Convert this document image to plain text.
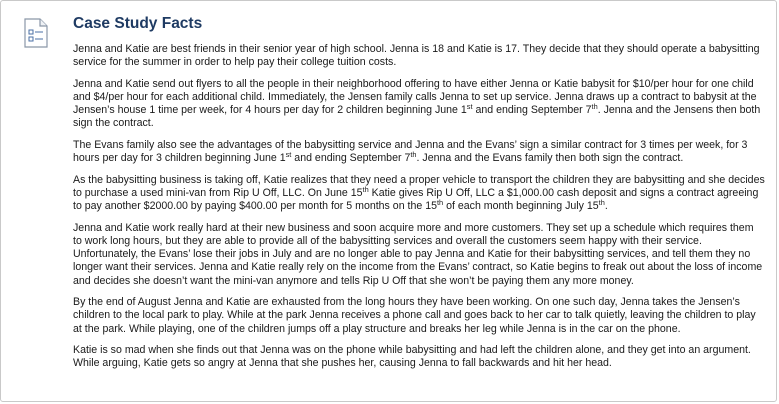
Case Study Facts

Jenna and Katie are best friends in their senior year of high school. Jenna is 18 and Katie is 17. They decide that they should operate a babysitting service for the summer in order to help pay their college tuition costs.

Jenna and Katie send out flyers to all the people in their neighborhood offering to have either Jenna or Katie babysit for $10/per hour for one child and $4/per hour for each additional child. Immediately, the Jensen family calls Jenna to set up service. Jenna draws up a contract to babysit at the Jensen’s house 1 time per week, for 4 hours per day for 2 children beginning June 1st and ending September 7th. Jenna and the Jensens then both sign the contract.

The Evans family also see the advantages of the babysitting service and Jenna and the Evans’ sign a similar contract for 3 times per week, for 3 hours per day for 3 children beginning June 1st and ending September 7th. Jenna and the Evans family then both sign the contract.

As the babysitting business is taking off, Katie realizes that they need a proper vehicle to transport the children they are babysitting and she decides to purchase a used mini-van from Rip U Off, LLC. On June 15th Katie gives Rip U Off, LLC a $1,000.00 cash deposit and signs a contract agreeing to pay another $2000.00 by paying $400.00 per month for 5 months on the 15th of each month beginning July 15th.

Jenna and Katie work really hard at their new business and soon acquire more and more customers. They set up a schedule which requires them to work long hours, but they are able to provide all of the babysitting services and overall the customers seem happy with their service. Unfortunately, the Evans’ lose their jobs in July and are no longer able to pay Jenna and Katie for their babysitting services, and tell them they no longer want their services. Jenna and Katie really rely on the income from the Evans’ contract, so Katie begins to freak out about the loss of income and decides she doesn’t want the mini-van anymore and tells Rip U Off that she won’t be paying them any more money.

By the end of August Jenna and Katie are exhausted from the long hours they have been working. On one such day, Jenna takes the Jensen’s children to the local park to play. While at the park Jenna receives a phone call and goes back to her car to talk quietly, leaving the children to play at the park. While playing, one of the children jumps off a play structure and breaks her leg while Jenna is in the car on the phone.

Katie is so mad when she finds out that Jenna was on the phone while babysitting and had left the children alone, and they get into an argument. While arguing, Katie gets so angry at Jenna that she pushes her, causing Jenna to fall backwards and hit her head.
